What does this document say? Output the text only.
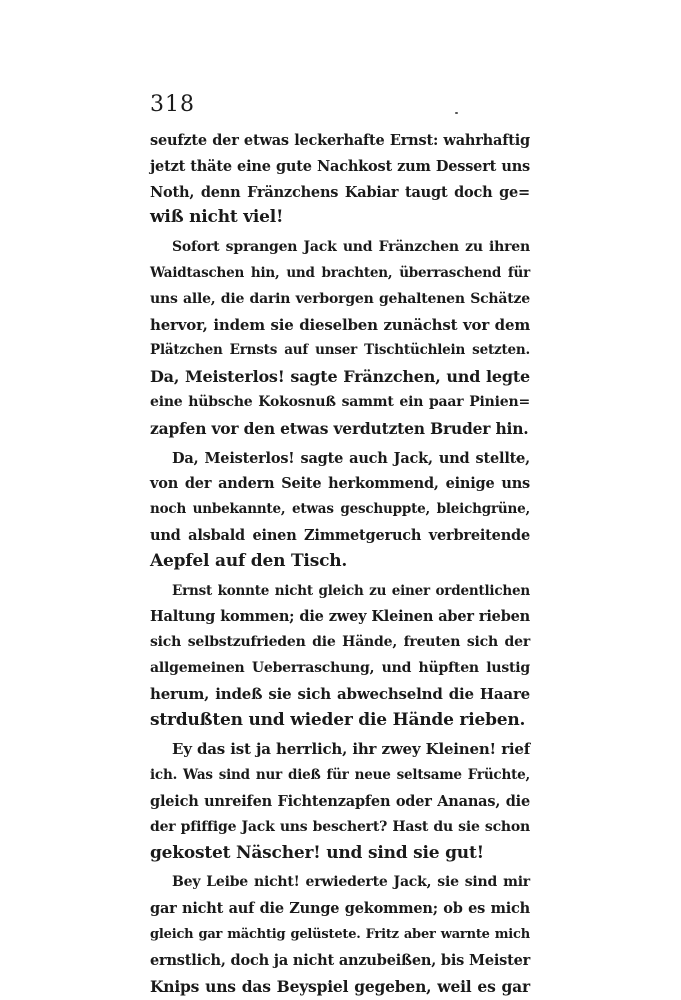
318
seufzte der etwas leckerhafte Ernst: wahrhaftig
jetzt thäte eine gute Nachkost zum Dessert uns
Noth, denn Fränzchens Kabiar taugt doch ge=
wiß nicht viel!
Sofort sprangen Jack und Fränzchen zu ihren
Waidtaschen hin, und brachten, überraschend für
uns alle, die darin verborgen gehaltenen Schätze
hervor, indem sie dieselben zunächst vor dem
Plätzchen Ernsts auf unser Tischtüchlein setzten.
Da, Meisterlos! sagte Fränzchen, und legte
eine hübsche Kokosnuß sammt ein paar Pinien=
zapfen vor den etwas verdutzten Bruder hin.
Da, Meisterlos! sagte auch Jack, und stellte,
von der andern Seite herkommend, einige uns
noch unbekannte, etwas geschuppte, bleichgrüne,
und alsbald einen Zimmetgeruch verbreitende
Aepfel auf den Tisch.
Ernst konnte nicht gleich zu einer ordentlichen
Haltung kommen; die zwey Kleinen aber rieben
sich selbstzufrieden die Hände, freuten sich der
allgemeinen Ueberraschung, und hüpften lustig
herum, indeß sie sich abwechselnd die Haare
strdußten und wieder die Hände rieben.
Ey das ist ja herrlich, ihr zwey Kleinen! rief
ich. Was sind nur dieß für neue seltsame Früchte,
gleich unreifen Fichtenzapfen oder Ananas, die
der pfiffige Jack uns beschert? Hast du sie schon
gekostet Näscher! und sind sie gut!
Bey Leibe nicht! erwiederte Jack, sie sind mir
gar nicht auf die Zunge gekommen; ob es mich
gleich gar mächtig gelüstete. Fritz aber warnte mich
ernstlich, doch ja nicht anzubeißen, bis Meister
Knips uns das Beyspiel gegeben, weil es gar
